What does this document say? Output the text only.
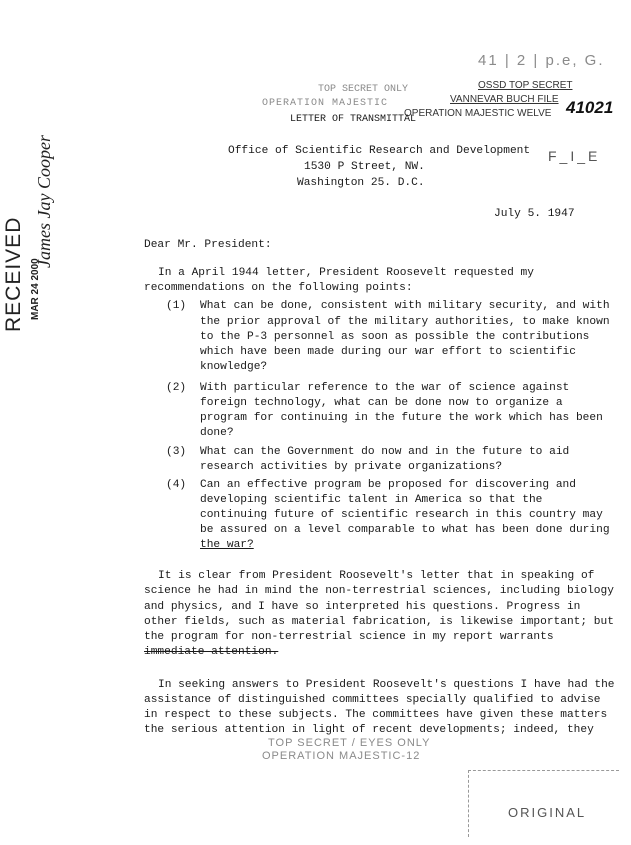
41 | 2 | p.e, G.
TOP SECRET ONLY
OPERATION MAJESTIC
OSSD TOP SECRET
VANNEVAR BUCH FILE
OPERATION MAJESTIC WELVE 41021
LETTER OF TRANSMITTAL
F_I_E
RECEIVED MAR 24 2000
James Jay Cooper	Office of Scientific Research and Development
1530 P Street, NW.
Washington 25. D.C.
July 5. 1947
Dear Mr. President:
In a April 1944 letter, President Roosevelt requested my
recommendations on the following points:
(1)	What can be done, consistent with military security, and with
the prior approval of the military authorities, to make known
to the P-3 personnel as soon as possible the contributions
which have been made during our war effort to scientific
knowledge?
(2)	With particular reference to the war of science against
foreign technology, what can be done now to organize a
program for continuing in the future the work which has been
done?
(3)	What can the Government do now and in the future to aid
research activities by private organizations?
(4)	Can an effective program be proposed for discovering and
developing scientific talent in America so that the
continuing future of scientific research in this country may
be assured on a level comparable to what has been done during
the war?
It is clear from President Roosevelt's letter that in speaking of
science he had in mind the non-terrestrial sciences, including biology
and physics, and I have so interpreted his questions. Progress in
other fields, such as material fabrication, is likewise important; but
the program for non-terrestrial science in my report warrants
immediate attention.
In seeking answers to President Roosevelt's questions I have had the
assistance of distinguished committees specially qualified to advise
in respect to these subjects. The committees have given these matters
the serious attention in light of recent developments; indeed, they
TOP SECRET / EYES ONLY
OPERATION MAJESTIC-12
ORIGINAL
